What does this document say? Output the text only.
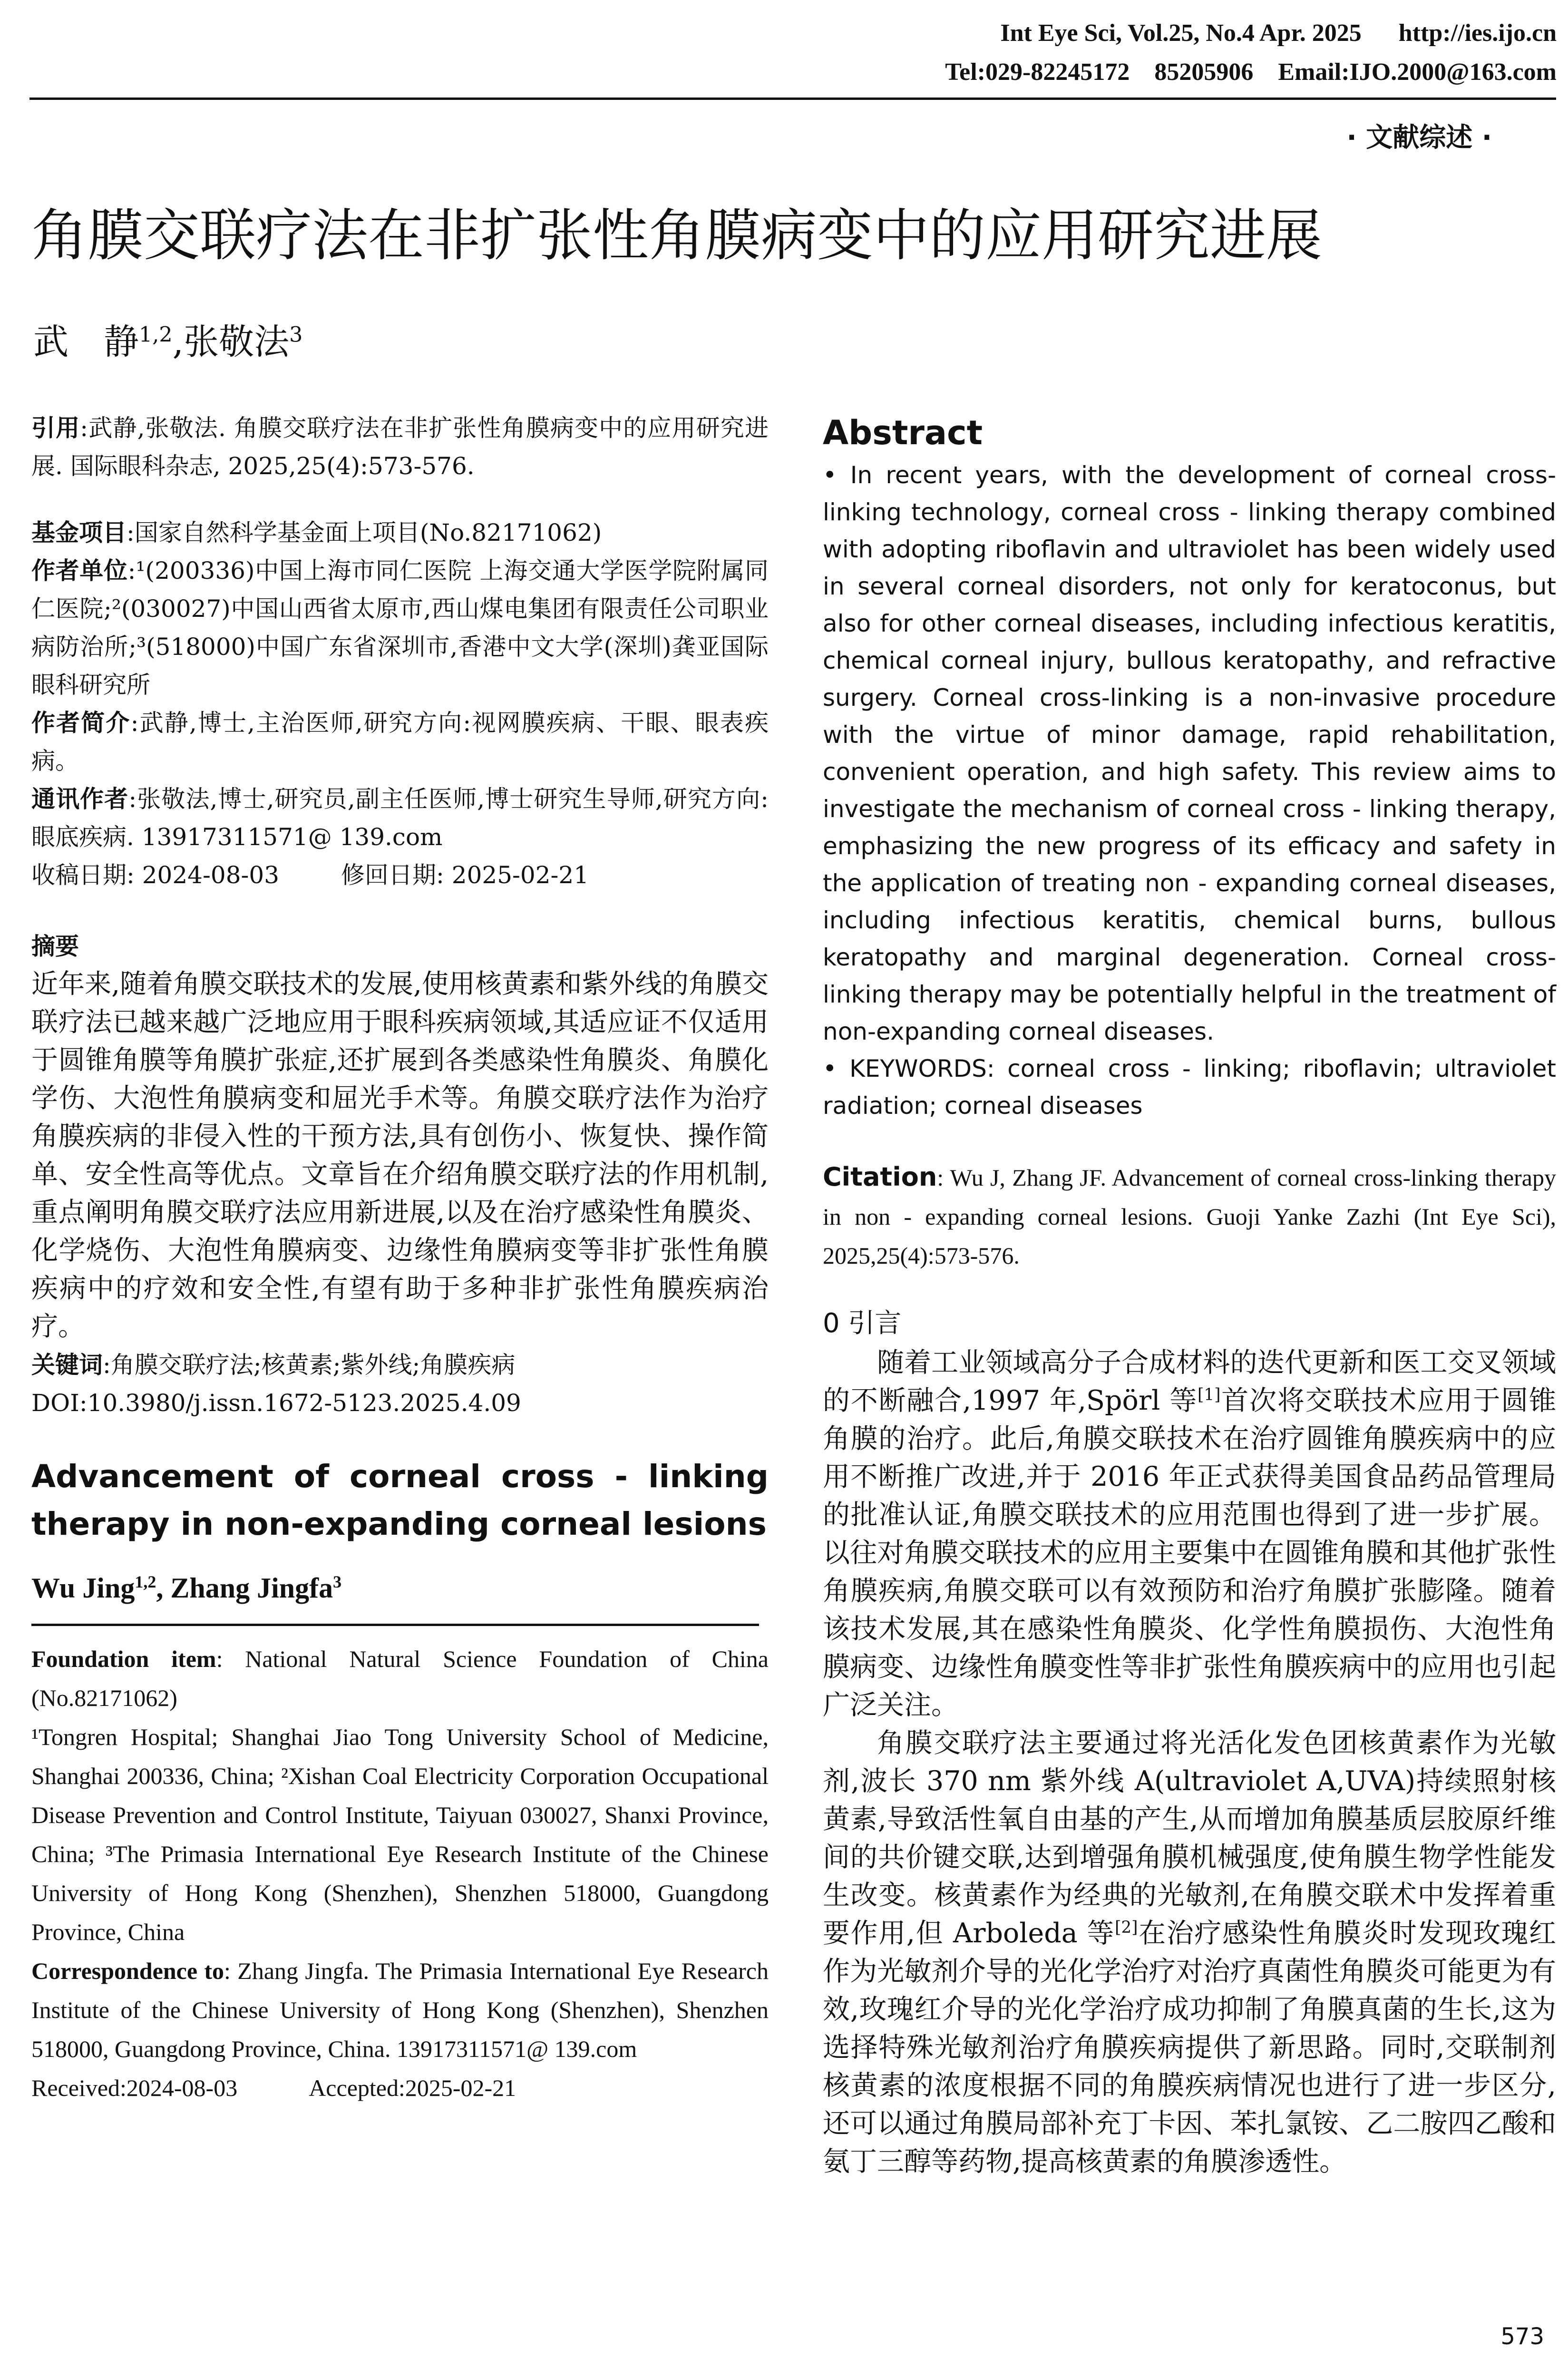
Int Eye Sci, Vol.25, No.4 Apr. 2025      http://ies.ijo.cn
Tel:029-82245172    85205906    Email:IJO.2000@163.com
· 文献综述 ·
角膜交联疗法在非扩张性角膜病变中的应用研究进展
武　静$^{1,2}$,张敬法$^3$

引用:武静,张敬法. 角膜交联疗法在非扩张性角膜病变中的应用研究进展. 国际眼科杂志, 2025,25(4):573-576.

基金项目:国家自然科学基金面上项目(No.82171062)

作者单位:¹(200336)中国上海市同仁医院 上海交通大学医学院附属同仁医院;²(030027)中国山西省太原市,西山煤电集团有限责任公司职业病防治所;³(518000)中国广东省深圳市,香港中文大学(深圳)龚亚国际眼科研究所

作者简介:武静,博士,主治医师,研究方向:视网膜疾病、干眼、眼表疾病。

通讯作者:张敬法,博士,研究员,副主任医师,博士研究生导师,研究方向:眼底疾病. 13917311571@ 139.com

收稿日期: 2024-08-03	修回日期: 2025-02-21

摘要

近年来,随着角膜交联技术的发展,使用核黄素和紫外线的角膜交联疗法已越来越广泛地应用于眼科疾病领域,其适应证不仅适用于圆锥角膜等角膜扩张症,还扩展到各类感染性角膜炎、角膜化学伤、大泡性角膜病变和屈光手术等。角膜交联疗法作为治疗角膜疾病的非侵入性的干预方法,具有创伤小、恢复快、操作简单、安全性高等优点。文章旨在介绍角膜交联疗法的作用机制,重点阐明角膜交联疗法应用新进展,以及在治疗感染性角膜炎、化学烧伤、大泡性角膜病变、边缘性角膜病变等非扩张性角膜疾病中的疗效和安全性,有望有助于多种非扩张性角膜疾病治疗。

关键词:角膜交联疗法;核黄素;紫外线;角膜疾病

DOI:10.3980/j.issn.1672-5123.2025.4.09

Advancement of corneal cross - linking therapy in non-expanding corneal lesions

Wu Jing$^{1,2}$, Zhang Jingfa$^3$

Foundation item: National Natural Science Foundation of China (No.82171062)

¹Tongren Hospital; Shanghai Jiao Tong University School of Medicine, Shanghai 200336, China; ²Xishan Coal Electricity Corporation Occupational Disease Prevention and Control Institute, Taiyuan 030027, Shanxi Province, China; ³The Primasia International Eye Research Institute of the Chinese University of Hong Kong (Shenzhen), Shenzhen 518000, Guangdong Province, China

Correspondence to: Zhang Jingfa. The Primasia International Eye Research Institute of the Chinese University of Hong Kong (Shenzhen), Shenzhen 518000, Guangdong Province, China. 13917311571@ 139.com

Received:2024-08-03	Accepted:2025-02-21

Abstract

• In recent years, with the development of corneal cross-linking technology, corneal cross - linking therapy combined with adopting riboflavin and ultraviolet has been widely used in several corneal disorders, not only for keratoconus, but also for other corneal diseases, including infectious keratitis, chemical corneal injury, bullous keratopathy, and refractive surgery. Corneal cross-linking is a non-invasive procedure with the virtue of minor damage, rapid rehabilitation, convenient operation, and high safety. This review aims to investigate the mechanism of corneal cross - linking therapy, emphasizing the new progress of its efficacy and safety in the application of treating non - expanding corneal diseases, including infectious keratitis, chemical burns, bullous keratopathy and marginal degeneration. Corneal cross-linking therapy may be potentially helpful in the treatment of non-expanding corneal diseases.

• KEYWORDS: corneal cross - linking; riboflavin; ultraviolet radiation; corneal diseases

Citation: Wu J, Zhang JF. Advancement of corneal cross-linking therapy in non - expanding corneal lesions. Guoji Yanke Zazhi (Int Eye Sci), 2025,25(4):573-576.

0 引言

随着工业领域高分子合成材料的迭代更新和医工交叉领域的不断融合,1997 年,Spörl 等[1]首次将交联技术应用于圆锥角膜的治疗。此后,角膜交联技术在治疗圆锥角膜疾病中的应用不断推广改进,并于 2016 年正式获得美国食品药品管理局的批准认证,角膜交联技术的应用范围也得到了进一步扩展。以往对角膜交联技术的应用主要集中在圆锥角膜和其他扩张性角膜疾病,角膜交联可以有效预防和治疗角膜扩张膨隆。随着该技术发展,其在感染性角膜炎、化学性角膜损伤、大泡性角膜病变、边缘性角膜变性等非扩张性角膜疾病中的应用也引起广泛关注。

角膜交联疗法主要通过将光活化发色团核黄素作为光敏剂,波长 370 nm 紫外线 A(ultraviolet A,UVA)持续照射核黄素,导致活性氧自由基的产生,从而增加角膜基质层胶原纤维间的共价键交联,达到增强角膜机械强度,使角膜生物学性能发生改变。核黄素作为经典的光敏剂,在角膜交联术中发挥着重要作用,但 Arboleda 等[2]在治疗感染性角膜炎时发现玫瑰红作为光敏剂介导的光化学治疗对治疗真菌性角膜炎可能更为有效,玫瑰红介导的光化学治疗成功抑制了角膜真菌的生长,这为选择特殊光敏剂治疗角膜疾病提供了新思路。同时,交联制剂核黄素的浓度根据不同的角膜疾病情况也进行了进一步区分,还可以通过角膜局部补充丁卡因、苯扎氯铵、乙二胺四乙酸和氨丁三醇等药物,提高核黄素的角膜渗透性。

573
